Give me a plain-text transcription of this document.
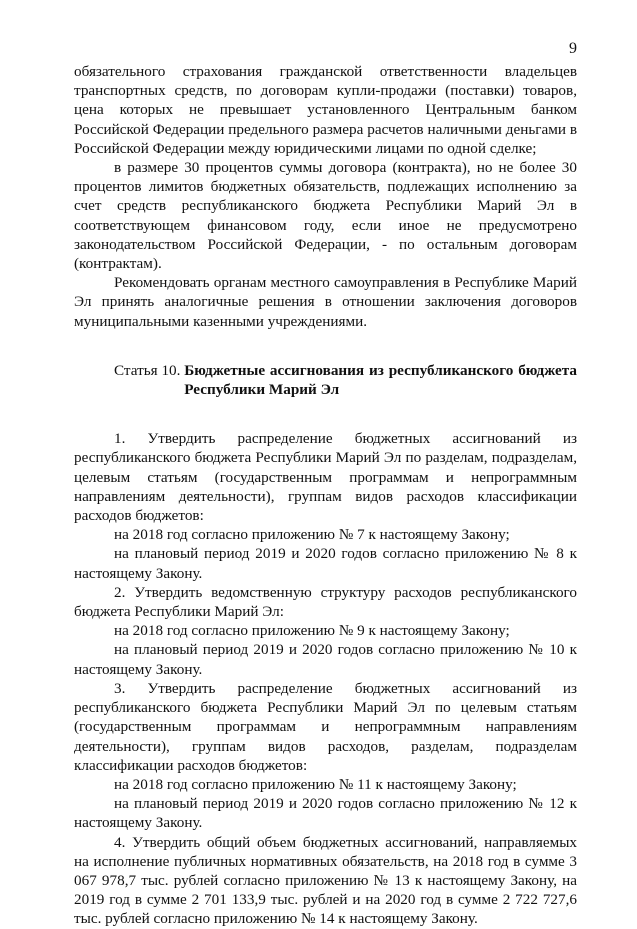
9

обязательного страхования гражданской ответственности владельцев транспортных средств, по договорам купли-продажи (поставки) товаров, цена которых не превышает установленного Центральным банком Российской Федерации предельного размера расчетов наличными деньгами в Российской Федерации между юридическими лицами по одной сделке;

в размере 30 процентов суммы договора (контракта), но не более 30 процентов лимитов бюджетных обязательств, подлежащих исполнению за счет средств республиканского бюджета Республики Марий Эл в соответствующем финансовом году, если иное не предусмотрено законодательством Российской Федерации, - по остальным договорам (контрактам).

Рекомендовать органам местного самоуправления в Республике Марий Эл принять аналогичные решения в отношении заключения договоров муниципальными казенными учреждениями.

Статья 10.
Бюджетные ассигнования из республиканского бюджета Республики Марий Эл

1. Утвердить распределение бюджетных ассигнований из республиканского бюджета Республики Марий Эл по разделам, подразделам, целевым статьям (государственным программам и непрограммным направлениям деятельности), группам видов расходов классификации расходов бюджетов:

на 2018 год согласно приложению № 7 к настоящему Закону;

на плановый период 2019 и 2020 годов согласно приложению № 8 к настоящему Закону.

2. Утвердить ведомственную структуру расходов республиканского бюджета Республики Марий Эл:

на 2018 год согласно приложению № 9 к настоящему Закону;

на плановый период 2019 и 2020 годов согласно приложению № 10 к настоящему Закону.

3. Утвердить распределение бюджетных ассигнований из республиканского бюджета Республики Марий Эл по целевым статьям (государственным программам и непрограммным направлениям деятельности), группам видов расходов, разделам, подразделам классификации расходов бюджетов:

на 2018 год согласно приложению № 11 к настоящему Закону;

на плановый период 2019 и 2020 годов согласно приложению № 12 к настоящему Закону.

4. Утвердить общий объем бюджетных ассигнований, направляемых на исполнение публичных нормативных обязательств, на 2018 год в сумме 3 067 978,7 тыс. рублей согласно приложению № 13 к настоящему Закону, на 2019 год в сумме 2 701 133,9 тыс. рублей и на 2020 год в сумме 2 722 727,6 тыс. рублей согласно приложению № 14 к настоящему Закону.
